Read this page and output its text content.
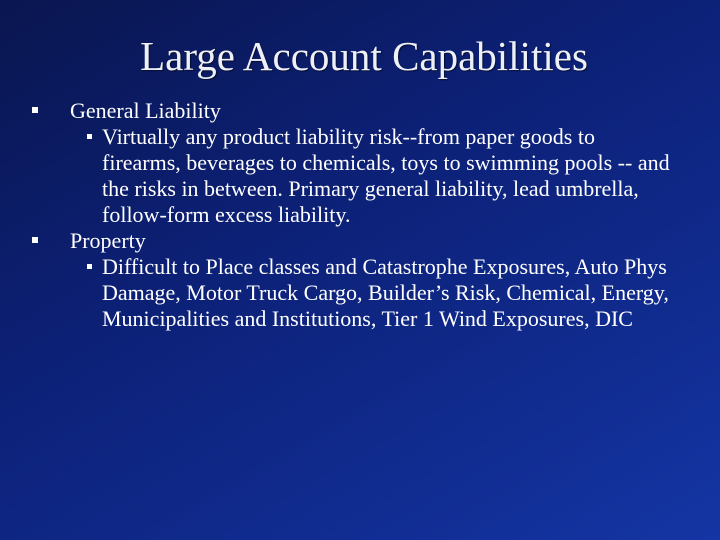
Large Account Capabilities
General Liability
Virtually any product liability risk--from paper goods to firearms, beverages to chemicals, toys to swimming pools -- and the risks in between. Primary general liability, lead umbrella, follow-form excess liability.
Property
Difficult to Place classes and Catastrophe Exposures, Auto Phys Damage, Motor Truck Cargo, Builder’s Risk, Chemical, Energy, Municipalities and Institutions, Tier 1 Wind Exposures, DIC
